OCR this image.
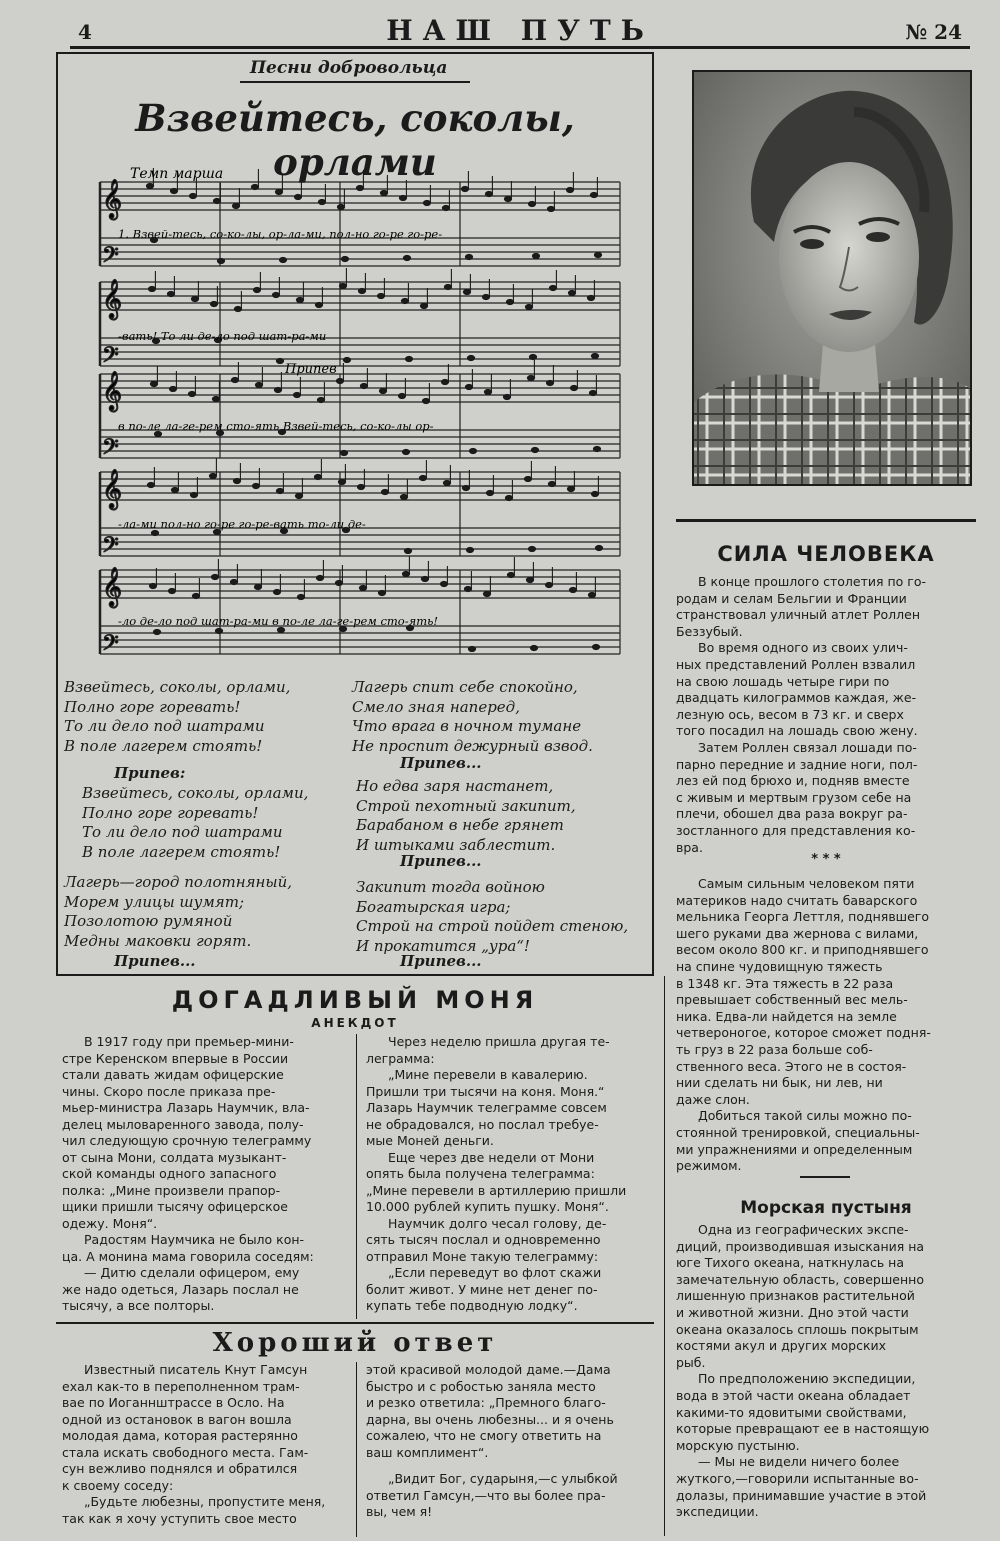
4	НАШ ПУТЬ	№ 24
Песни добровольца
Взвейтесь, соколы, орлами
𝄞
𝄢
𝄞
𝄢
𝄞
𝄢
𝄞
𝄢
𝄞
𝄢
Темп марша
Припев
1. Взвей-тесь, со-ко-лы, ор-ла-ми, пол-но го-ре го-ре-
-вать! То ли де-ло под шат-ра-ми
в по-ле ла-ге-рем сто-ять Взвей-тесь, со-ко-лы ор-
-ла-ми пол-но го-ре го-ре-вать то-ли де-
-ло де-ло под шат-ра-ми в по-ле ла-ге-рем сто-ять!
Взвейтесь, соколы, орлами,
Полно горе горевать!
То ли дело под шатрами
В поле лагерем стоять!
Припев:
Взвейтесь, соколы, орлами,
Полно горе горевать!
То ли дело под шатрами
В поле лагерем стоять!
Лагерь—город полотняный,
Морем улицы шумят;
Позолотою румяной
Медны маковки горят.
Припев...
Лагерь спит себе спокойно,
Смело зная наперед,
Что врага в ночном тумане
Не проспит дежурный взвод.
Припев...
Но едва заря настанет,
Строй пехотный закипит,
Барабаном в небе грянет
И штыками заблестит.
Припев...
Закипит тогда войною
Богатырская игра;
Строй на строй пойдет стеною,
И прокатится „ура“!
Припев...
СИЛА ЧЕЛОВЕКА
В конце прошлого столетия по го-
родам и селам Бельгии и Франции
странствовал уличный атлет Роллен
Беззубый.
Во время одного из своих улич-
ных представлений Роллен взвалил
на свою лошадь четыре гири по
двадцать килограммов каждая, же-
лезную ось, весом в 73 кг. и сверх
того посадил на лошадь свою жену.
Затем Роллен связал лошади по-
парно передние и задние ноги, пол-
лез ей под брюхо и, подняв вместе
с живым и мертвым грузом себе на
плечи, обошел два раза вокруг ра-
зостланного для представления ко-
вра.
* * *
Самым сильным человеком пяти
материков надо считать баварского
мельника Георга Леттля, поднявшего
шего руками два жернова с вилами,
весом около 800 кг. и приподнявшего
на спине чудовищную тяжесть
в 1348 кг. Эта тяжесть в 22 раза
превышает собственный вес мель-
ника. Едва-ли найдется на земле
четвероногое, которое сможет подня-
ть груз в 22 раза больше соб-
ственного веса. Этого не в состоя-
нии сделать ни бык, ни лев, ни
даже слон.
Добиться такой силы можно по-
стоянной тренировкой, специальны-
ми упражнениями и определенным
режимом.
Морская пустыня
Одна из географических экспе-
диций, производившая изыскания на
юге Тихого океана, наткнулась на
замечательную область, совершенно
лишенную признаков растительной
и животной жизни. Дно этой части
океана оказалось сплошь покрытым
костями акул и других морских
рыб.
По предположению экспедиции,
вода в этой части океана обладает
какими-то ядовитыми свойствами,
которые превращают ее в настоящую
морскую пустыню.
— Мы не видели ничего более
жуткого,—говорили испытанные во-
долазы, принимавшие участие в этой
экспедиции.
ДОГАДЛИВЫЙ МОНЯ
АНЕКДОТ
В 1917 году при премьер-мини-
стре Керенском впервые в России
стали давать жидам офицерские
чины. Скоро после приказа пре-
мьер-министра Лазарь Наумчик, вла-
делец мыловаренного завода, полу-
чил следующую срочную телеграмму
от сына Мони, солдата музыкант-
ской команды одного запасного
полка: „Мине произвели прапор-
щики пришли тысячу офицерское
одежу. Моня“.
Радостям Наумчика не было кон-
ца. А монина мама говорила соседям:
— Дитю сделали офицером, ему
же надо одеться, Лазарь послал не
тысячу, а все полторы.
Через неделю пришла другая те-
леграмма:
„Мине перевели в кавалерию.
Пришли три тысячи на коня. Моня.“
Лазарь Наумчик телеграмме совсем
не обрадовался, но послал требуе-
мые Моней деньги.
Еще через две недели от Мони
опять была получена телеграмма:
„Мине перевели в артиллерию пришли
10.000 рублей купить пушку. Моня“.
Наумчик долго чесал голову, де-
сять тысяч послал и одновременно
отправил Моне такую телеграмму:
„Если переведут во флот скажи
болит живот. У мине нет денег по-
купать тебе подводную лодку“.
Хороший ответ
Известный писатель Кнут Гамсун
ехал как-то в переполненном трам-
вае по Иоганнштрассе в Осло. На
одной из остановок в вагон вошла
молодая дама, которая растерянно
стала искать свободного места. Гам-
сун вежливо поднялся и обратился
к своему соседу:
„Будьте любезны, пропустите меня,
так как я хочу уступить свое место
этой красивой молодой даме.—Дама
быстро и с робостью заняла место
и резко ответила: „Премного благо-
дарна, вы очень любезны... и я очень
сожалею, что не смогу ответить на
ваш комплимент“.
„Видит Бог, сударыня,—с улыбкой
ответил Гамсун,—что вы более пра-
вы, чем я!
